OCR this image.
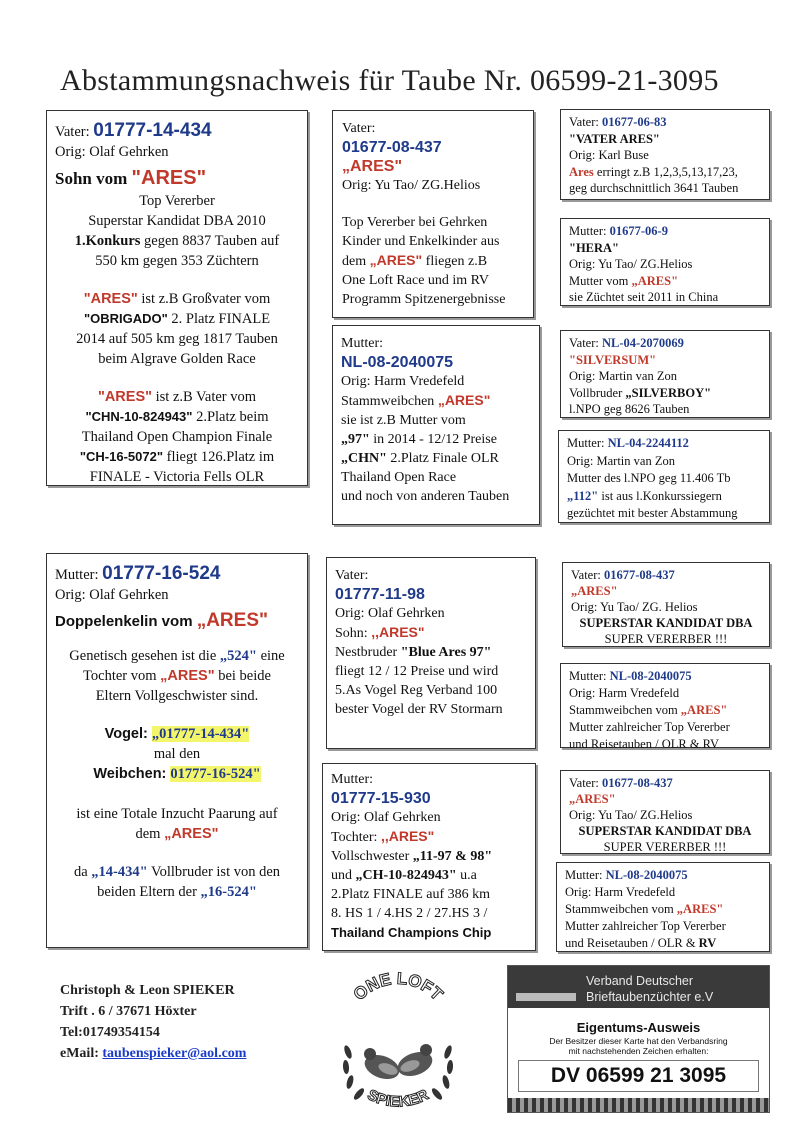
Abstammungsnachweis für Taube Nr. 06599-21-3095
Vater: 01777-14-434
Orig: Olaf Gehrken
Sohn vom "ARES"
Top Vererber
Superstar Kandidat DBA 2010
1.Konkurs gegen 8837 Tauben auf
550 km gegen 353 Züchtern
"ARES" ist z.B Großvater vom
"OBRIGADO" 2. Platz FINALE
2014 auf 505 km geg 1817 Tauben
beim Algrave Golden Race
"ARES" ist z.B Vater vom
"CHN-10-824943" 2.Platz beim
Thailand Open Champion Finale
"CH-16-5072" fliegt 126.Platz im
FINALE - Victoria Fells OLR
Vater:
01677-08-437
„ARES"
Orig: Yu Tao/ ZG.Helios
Top Vererber bei Gehrken
Kinder und Enkelkinder aus
dem „ARES" fliegen z.B
One Loft Race und im RV
Programm Spitzenergebnisse
Vater: 01677-06-83
"VATER ARES"
Orig: Karl Buse
Ares erringt z.B 1,2,3,5,13,17,23,
geg durchschnittlich 3641 Tauben
Mutter: 01677-06-9
"HERA"
Orig: Yu Tao/ ZG.Helios
Mutter vom „ARES"
sie Züchtet seit 2011 in China
Mutter:
NL-08-2040075
Orig: Harm Vredefeld
Stammweibchen „ARES"
sie ist z.B Mutter vom
„97" in 2014 - 12/12 Preise
„CHN" 2.Platz Finale OLR
Thailand Open Race
und noch von anderen Tauben
Vater: NL-04-2070069
"SILVERSUM"
Orig: Martin van Zon
Vollbruder „SILVERBOY"
l.NPO geg 8626 Tauben
Mutter: NL-04-2244112
Orig: Martin van Zon
Mutter des l.NPO geg 11.406 Tb
„112" ist aus l.Konkurssiegern
gezüchtet mit bester Abstammung
Mutter: 01777-16-524
Orig: Olaf Gehrken
Doppelenkelin vom „ARES"
Genetisch gesehen ist die „524" eine
Tochter vom „ARES" bei beide
Eltern Vollgeschwister sind.
Vogel: „01777-14-434"
mal den
Weibchen: 01777-16-524"
ist eine Totale Inzucht Paarung auf
dem „ARES"
da „14-434" Vollbruder ist von den
beiden Eltern der „16-524"
Vater:
01777-11-98
Orig: Olaf Gehrken
Sohn: ,,ARES"
Nestbruder "Blue Ares 97"
fliegt 12 / 12 Preise und wird
5.As Vogel Reg Verband 100
bester Vogel der RV Stormarn
Vater: 01677-08-437
„ARES"
Orig: Yu Tao/ ZG. Helios
SUPERSTAR KANDIDAT DBA
SUPER VERERBER !!!
Mutter: NL-08-2040075
Orig: Harm Vredefeld
Stammweibchen vom „ARES"
Mutter zahlreicher Top Vererber
und Reisetauben / OLR & RV
Mutter:
01777-15-930
Orig: Olaf Gehrken
Tochter: ,,ARES"
Vollschwester „11-97 & 98"
und „CH-10-824943" u.a
2.Platz FINALE auf 386 km
8. HS 1 / 4.HS 2 / 27.HS 3 /
Thailand Champions Chip
Vater: 01677-08-437
„ARES"
Orig: Yu Tao/ ZG.Helios
SUPERSTAR KANDIDAT DBA
SUPER VERERBER !!!
Mutter: NL-08-2040075
Orig: Harm Vredefeld
Stammweibchen vom „ARES"
Mutter zahlreicher Top Vererber
und Reisetauben / OLR & RV
Christoph & Leon SPIEKER
Trift . 6 / 37671 Höxter
Tel:01749354154
eMail: taubenspieker@aol.com
ONE LOFT
SPIEKER
Verband Deutscher
Brieftaubenzüchter e.V
Eigentums-Ausweis
Der Besitzer dieser Karte hat den Verbandsring
mit nachstehenden Zeichen erhalten:
DV 06599 21 3095
